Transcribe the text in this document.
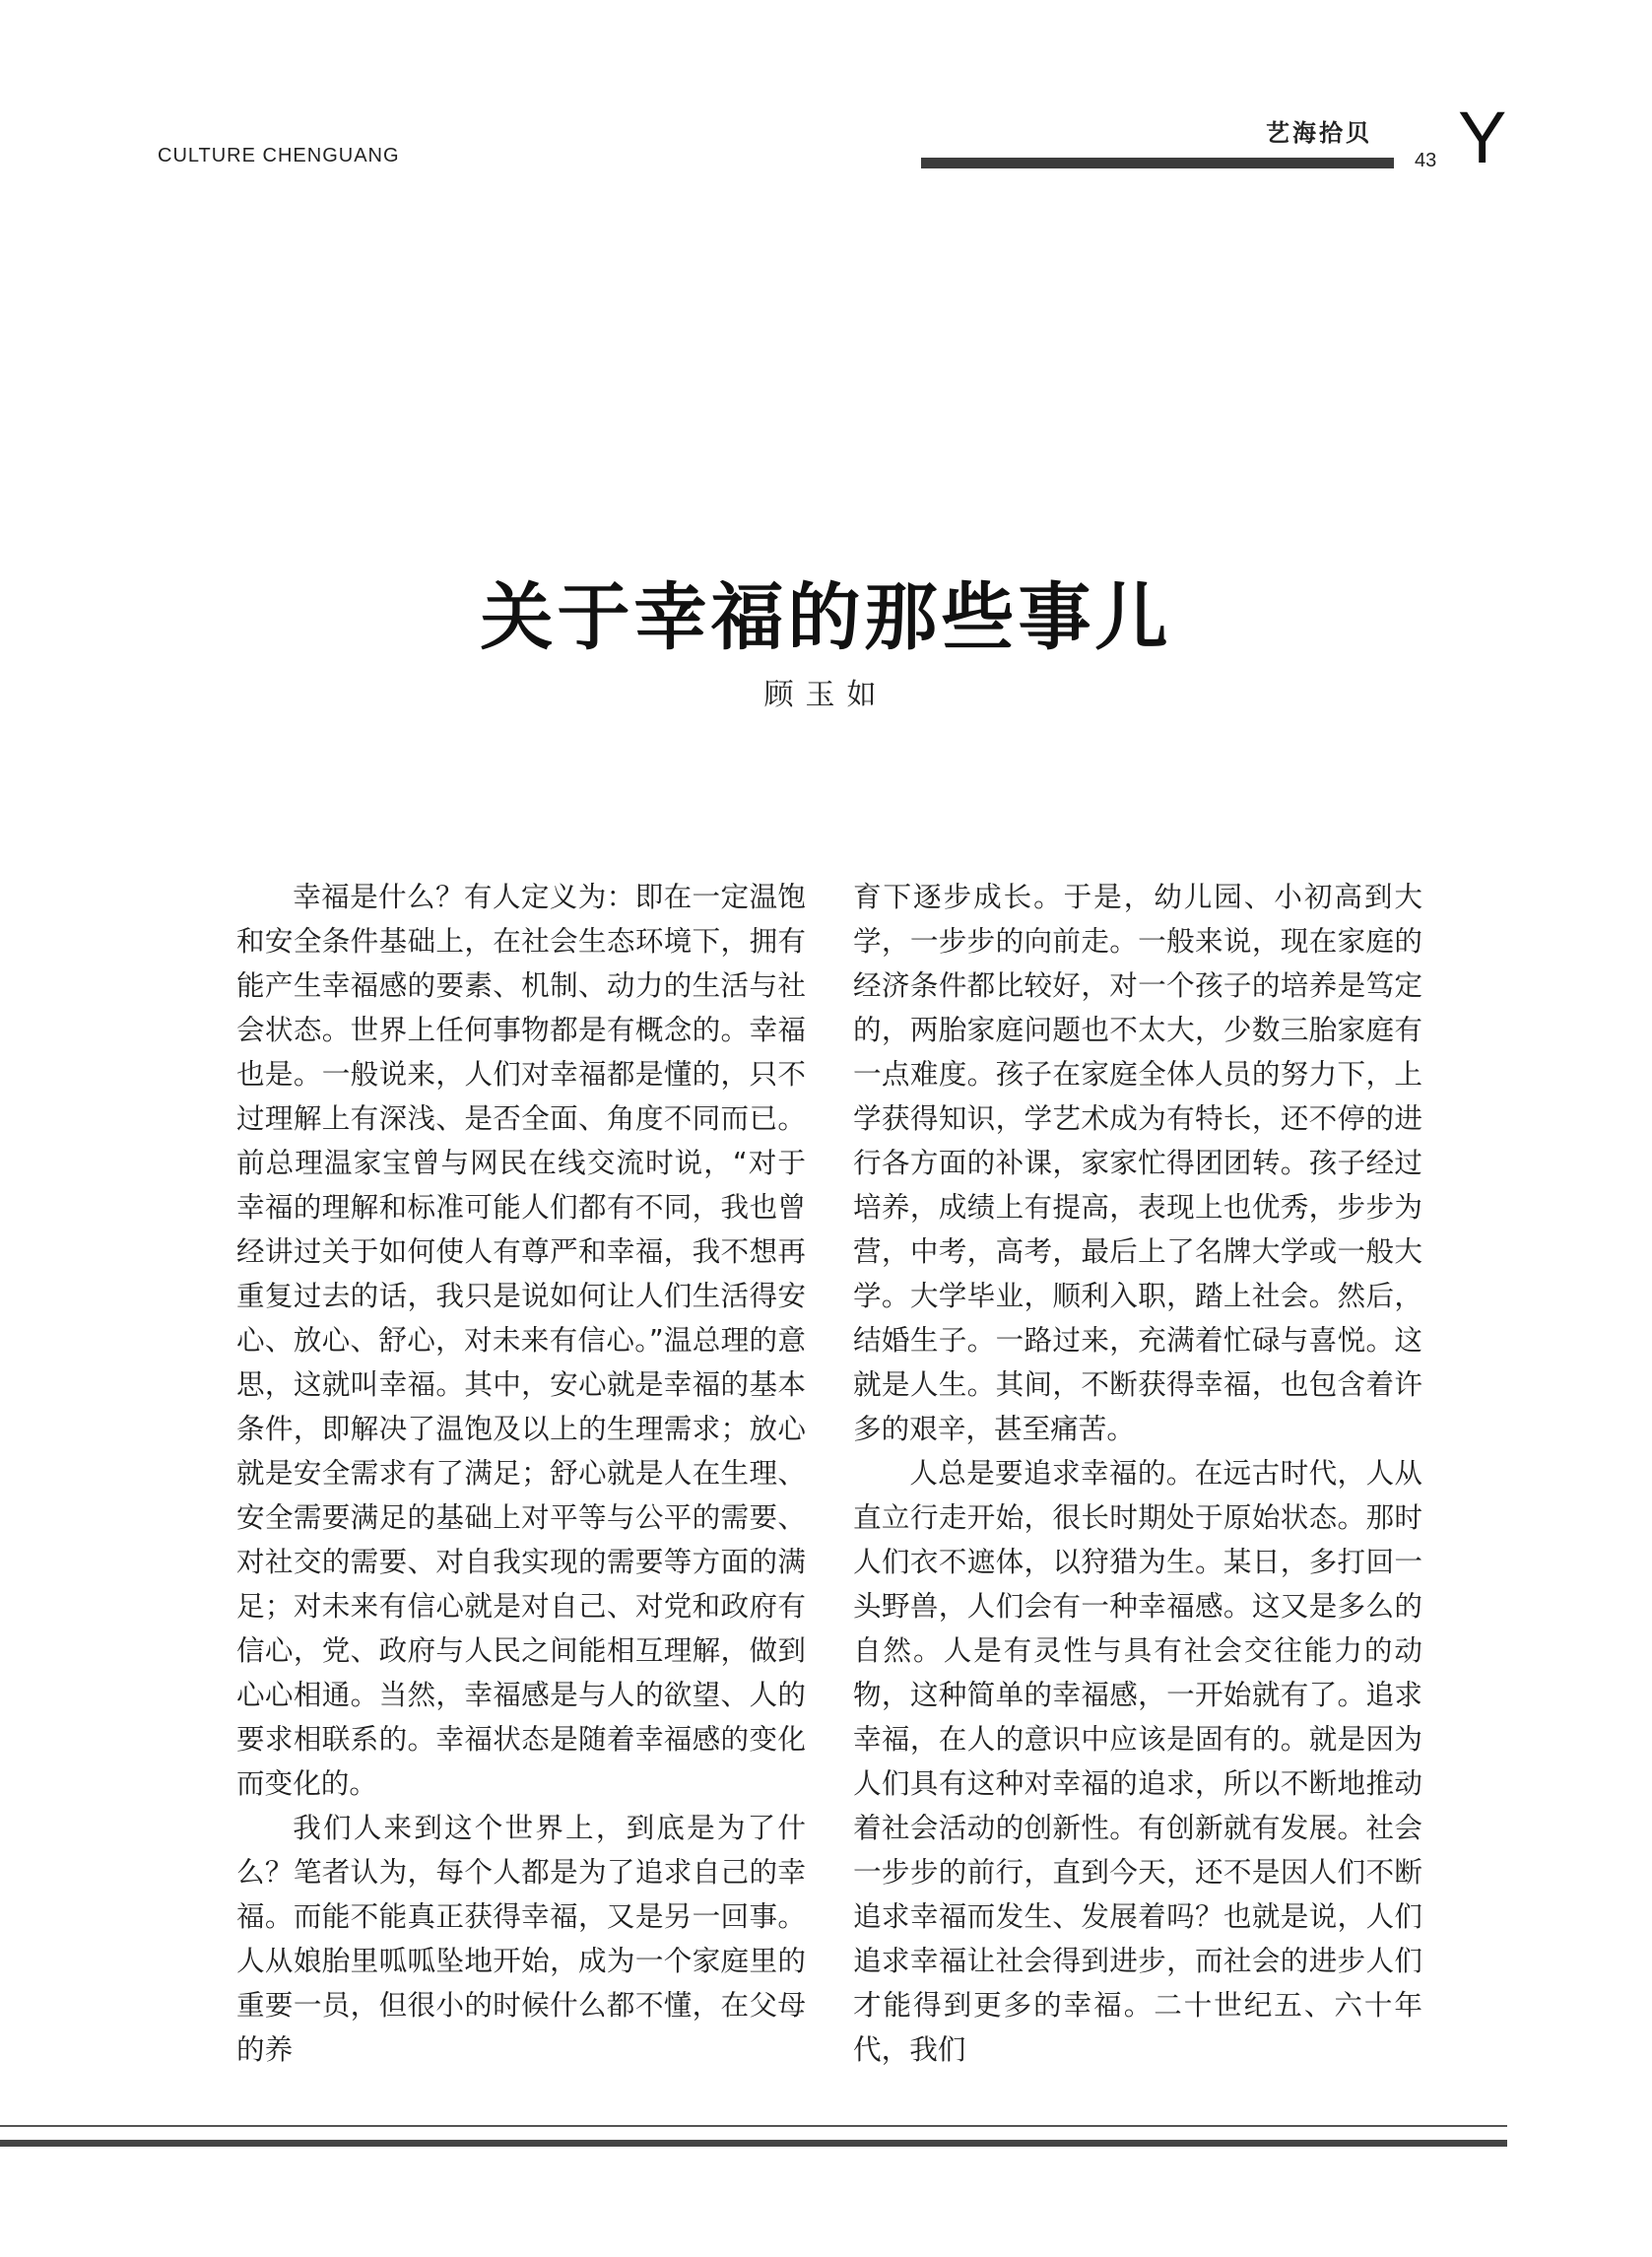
CULTURE CHENGUANG
艺海拾贝
43 Y
关于幸福的那些事儿
顾玉如

幸福是什么？有人定义为：即在一定温饱和安全条件基础上，在社会生态环境下，拥有能产生幸福感的要素、机制、动力的生活与社会状态。世界上任何事物都是有概念的。幸福也是。一般说来，人们对幸福都是懂的，只不过理解上有深浅、是否全面、角度不同而已。前总理温家宝曾与网民在线交流时说，“对于幸福的理解和标准可能人们都有不同，我也曾经讲过关于如何使人有尊严和幸福，我不想再重复过去的话，我只是说如何让人们生活得安心、放心、舒心，对未来有信心。”温总理的意思，这就叫幸福。其中，安心就是幸福的基本条件，即解决了温饱及以上的生理需求；放心就是安全需求有了满足；舒心就是人在生理、安全需要满足的基础上对平等与公平的需要、对社交的需要、对自我实现的需要等方面的满足；对未来有信心就是对自己、对党和政府有信心，党、政府与人民之间能相互理解，做到心心相通。当然，幸福感是与人的欲望、人的要求相联系的。幸福状态是随着幸福感的变化而变化的。

我们人来到这个世界上，到底是为了什么？笔者认为，每个人都是为了追求自己的幸福。而能不能真正获得幸福，又是另一回事。人从娘胎里呱呱坠地开始，成为一个家庭里的重要一员，但很小的时候什么都不懂，在父母的养

育下逐步成长。于是，幼儿园、小初高到大学，一步步的向前走。一般来说，现在家庭的经济条件都比较好，对一个孩子的培养是笃定的，两胎家庭问题也不太大，少数三胎家庭有一点难度。孩子在家庭全体人员的努力下，上学获得知识，学艺术成为有特长，还不停的进行各方面的补课，家家忙得团团转。孩子经过培养，成绩上有提高，表现上也优秀，步步为营，中考，高考，最后上了名牌大学或一般大学。大学毕业，顺利入职，踏上社会。然后，结婚生子。一路过来，充满着忙碌与喜悦。这就是人生。其间，不断获得幸福，也包含着许多的艰辛，甚至痛苦。

人总是要追求幸福的。在远古时代，人从直立行走开始，很长时期处于原始状态。那时人们衣不遮体，以狩猎为生。某日，多打回一头野兽，人们会有一种幸福感。这又是多么的自然。人是有灵性与具有社会交往能力的动物，这种简单的幸福感，一开始就有了。追求幸福，在人的意识中应该是固有的。就是因为人们具有这种对幸福的追求，所以不断地推动着社会活动的创新性。有创新就有发展。社会一步步的前行，直到今天，还不是因人们不断追求幸福而发生、发展着吗？也就是说，人们追求幸福让社会得到进步，而社会的进步人们才能得到更多的幸福。二十世纪五、六十年代，我们
